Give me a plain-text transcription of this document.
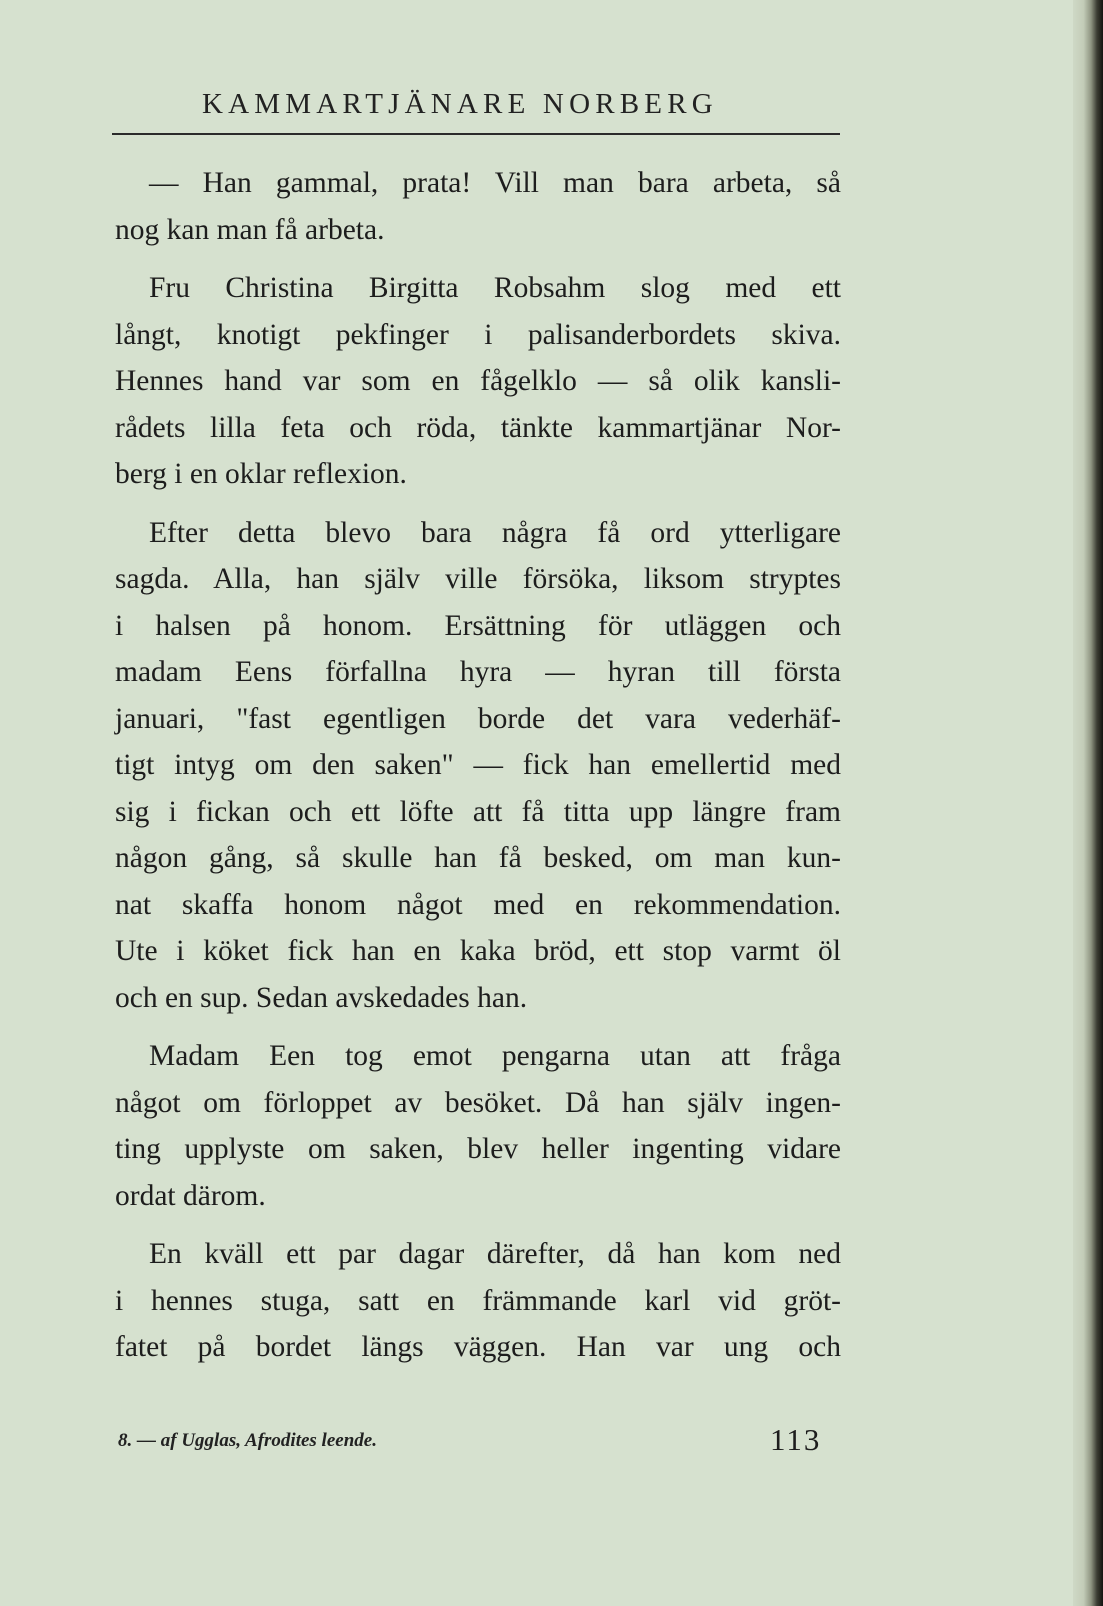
KAMMARTJÄNARE NORBERG
— Han gammal, prata! Vill man bara arbeta, så
nog kan man få arbeta.
Fru Christina Birgitta Robsahm slog med ett
långt, knotigt pekfinger i palisanderbordets skiva.
Hennes hand var som en fågelklo — så olik kansli-
rådets lilla feta och röda, tänkte kammartjänar Nor-
berg i en oklar reflexion.
Efter detta blevo bara några få ord ytterligare
sagda. Alla, han själv ville försöka, liksom stryptes
i halsen på honom. Ersättning för utläggen och
madam Eens förfallna hyra — hyran till första
januari, "fast egentligen borde det vara vederhäf-
tigt intyg om den saken" — fick han emellertid med
sig i fickan och ett löfte att få titta upp längre fram
någon gång, så skulle han få besked, om man kun-
nat skaffa honom något med en rekommendation.
Ute i köket fick han en kaka bröd, ett stop varmt öl
och en sup. Sedan avskedades han.
Madam Een tog emot pengarna utan att fråga
något om förloppet av besöket. Då han själv ingen-
ting upplyste om saken, blev heller ingenting vidare
ordat därom.
En kväll ett par dagar därefter, då han kom ned
i hennes stuga, satt en främmande karl vid gröt-
fatet på bordet längs väggen. Han var ung och
8. — af Ugglas, Afrodites leende.	113
